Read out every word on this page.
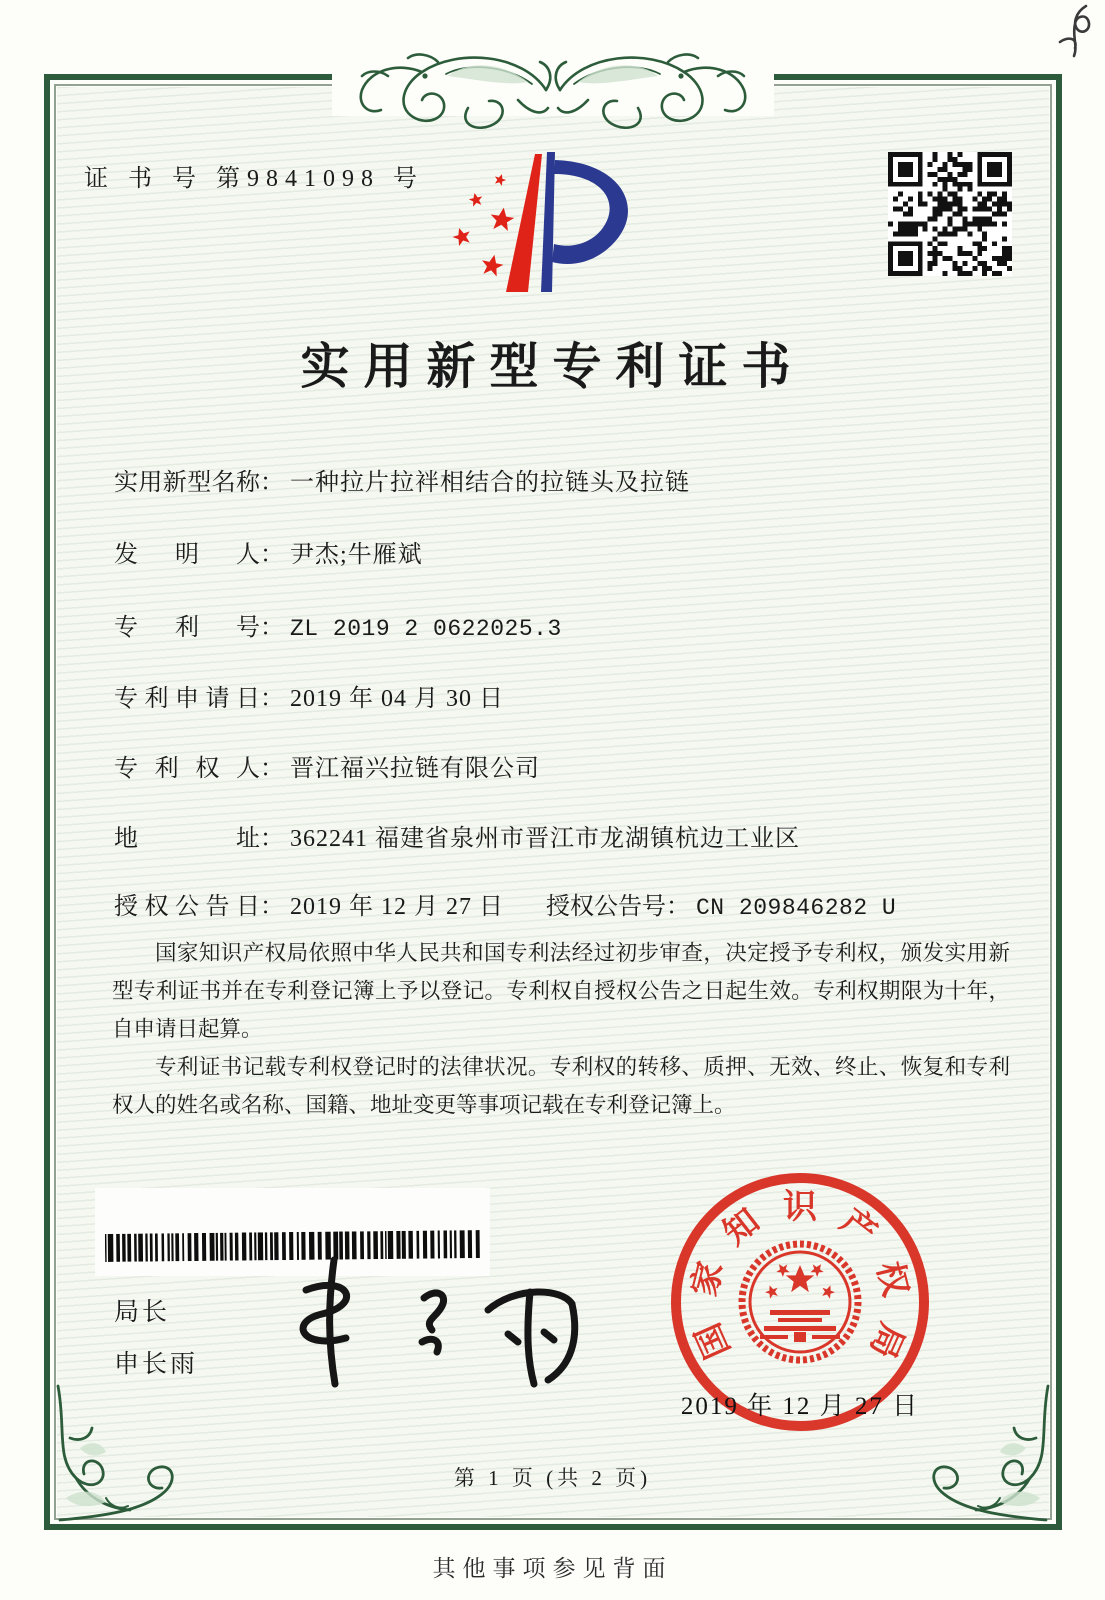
证 书 号 第9841098 号
实用新型专利证书
实用新型名称： 一种拉片拉袢相结合的拉链头及拉链
发明人： 尹杰;牛雁斌
专利号： ZL 2019 2 0622025.3
专利申请日： 2019 年 04 月 30 日
专利权人： 晋江福兴拉链有限公司
地址： 362241 福建省泉州市晋江市龙湖镇杭边工业区
授权公告日： 2019 年 12 月 27 日 授权公告号： CN 209846282 U

国家知识产权局依照中华人民共和国专利法经过初步审查，决定授予专利权，颁发实用新型专利证书并在专利登记簿上予以登记。专利权自授权公告之日起生效。专利权期限为十年，自申请日起算。

专利证书记载专利权登记时的法律状况。专利权的转移、质押、无效、终止、恢复和专利权人的姓名或名称、国籍、地址变更等事项记载在专利登记簿上。

局长
申长雨
国
家
知 识 产
权
局
2019 年 12 月 27 日
第 1 页 (共 2 页)
其他事项参见背面
